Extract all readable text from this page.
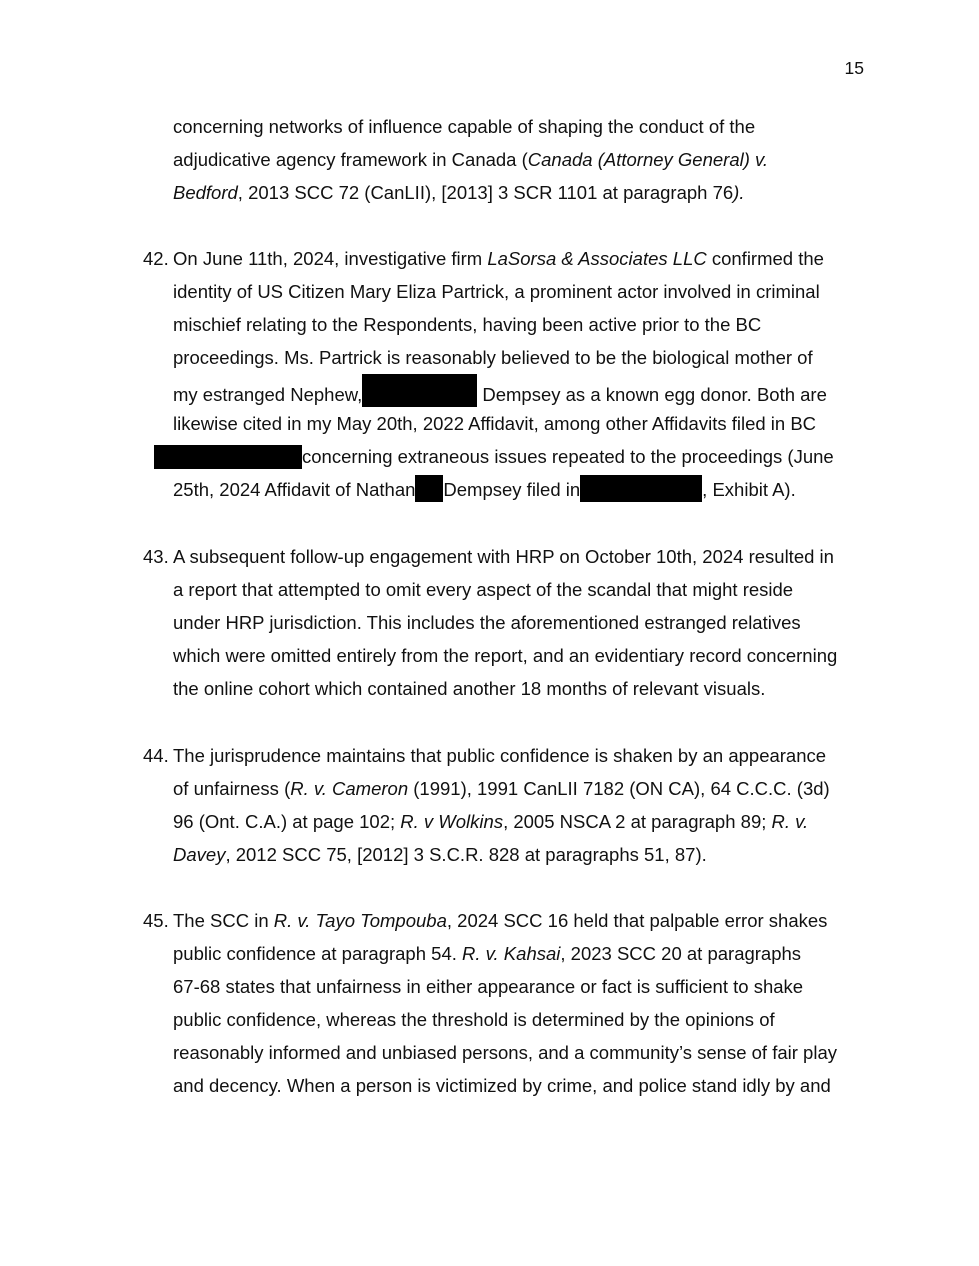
15
concerning networks of influence capable of shaping the conduct of the
adjudicative agency framework in Canada (Canada (Attorney General) v.
Bedford, 2013 SCC 72 (CanLII), [2013] 3 SCR 1101 at paragraph 76).
42. On June 11th, 2024, investigative firm LaSorsa & Associates LLC confirmed the
identity of US Citizen Mary Eliza Partrick, a prominent actor involved in criminal
mischief relating to the Respondents, having been active prior to the BC
proceedings. Ms. Partrick is reasonably believed to be the biological mother of
my estranged Nephew,	Dempsey as a known egg donor. Both are
likewise cited in my May 20th, 2022 Affidavit, among other Affidavits filed in BC
concerning extraneous issues repeated to the proceedings (June
25th, 2024 Affidavit of Nathan Dempsey filed in	, Exhibit A).
43. A subsequent follow-up engagement with HRP on October 10th, 2024 resulted in
a report that attempted to omit every aspect of the scandal that might reside
under HRP jurisdiction. This includes the aforementioned estranged relatives
which were omitted entirely from the report, and an evidentiary record concerning
the online cohort which contained another 18 months of relevant visuals.
44. The jurisprudence maintains that public confidence is shaken by an appearance
of unfairness (R. v. Cameron (1991), 1991 CanLII 7182 (ON CA), 64 C.C.C. (3d)
96 (Ont. C.A.) at page 102; R. v Wolkins, 2005 NSCA 2 at paragraph 89; R. v.
Davey, 2012 SCC 75, [2012] 3 S.C.R. 828 at paragraphs 51, 87).
45. The SCC in R. v. Tayo Tompouba, 2024 SCC 16 held that palpable error shakes
public confidence at paragraph 54. R. v. Kahsai, 2023 SCC 20 at paragraphs
67-68 states that unfairness in either appearance or fact is sufficient to shake
public confidence, whereas the threshold is determined by the opinions of
reasonably informed and unbiased persons, and a community’s sense of fair play
and decency. When a person is victimized by crime, and police stand idly by and
